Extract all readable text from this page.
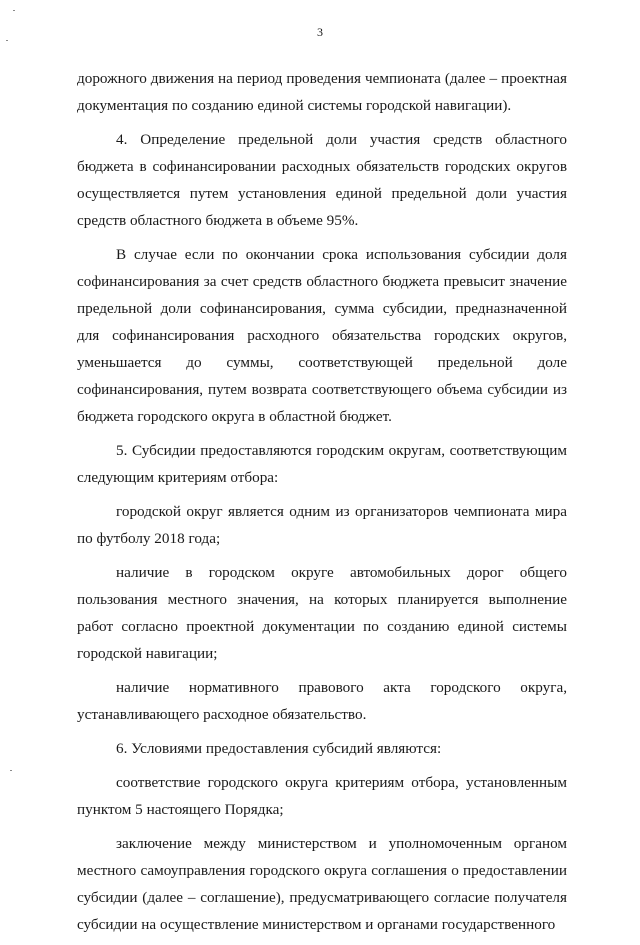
3

дорожного движения на период проведения чемпионата (далее – проектная документация по созданию единой системы городской навигации).

4. Определение предельной доли участия средств областного бюджета в софинансировании расходных обязательств городских округов осуществляется путем установления единой предельной доли участия средств областного бюджета в объеме 95%.

В случае если по окончании срока использования субсидии доля софинансирования за счет средств областного бюджета превысит значение предельной доли софинансирования, сумма субсидии, предназначенной для софинансирования расходного обязательства городских округов, уменьшается до суммы, соответствующей предельной доле софинансирования, путем возврата соответствующего объема субсидии из бюджета городского округа в областной бюджет.

5. Субсидии предоставляются городским округам, соответствующим следующим критериям отбора:

городской округ является одним из организаторов чемпионата мира по футболу 2018 года;

наличие в городском округе автомобильных дорог общего пользования местного значения, на которых планируется выполнение работ согласно проектной документации по созданию единой системы городской навигации;

наличие нормативного правового акта городского округа, устанавливающего расходное обязательство.

6. Условиями предоставления субсидий являются:

соответствие городского округа критериям отбора, установленным пунктом 5 настоящего Порядка;

заключение между министерством и уполномоченным органом местного самоуправления городского округа соглашения о предоставлении субсидии (далее – соглашение), предусматривающего согласие получателя субсидии на осуществление министерством и органами государственного
